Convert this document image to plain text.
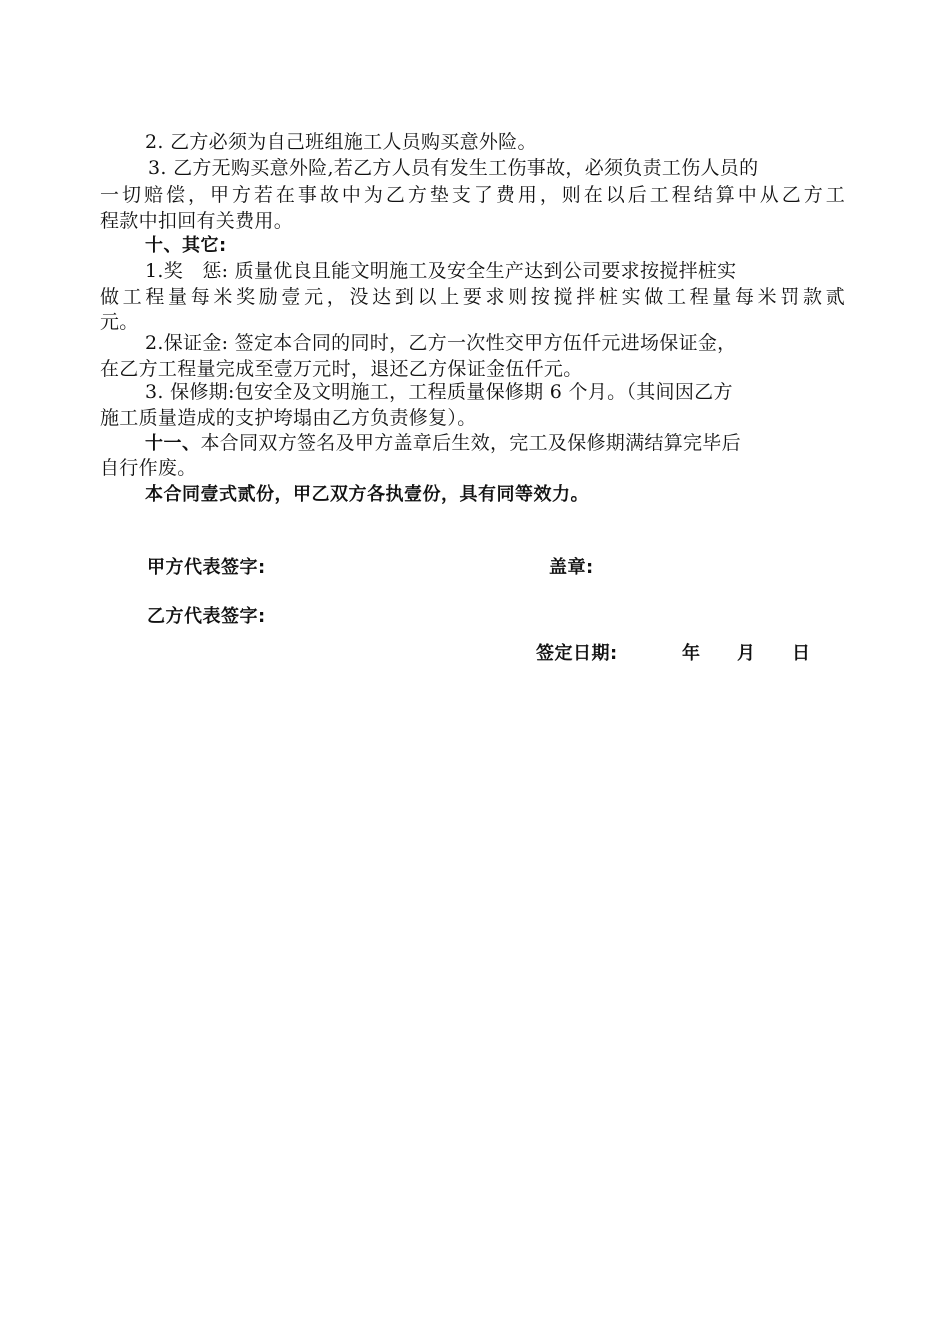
2. 乙方必须为自己班组施工人员购买意外险。
3. 乙方无购买意外险,若乙方人员有发生工伤事故，必须负责工伤人员的
一切赔偿，甲方若在事故中为乙方垫支了费用，则在以后工程结算中从乙方工
程款中扣回有关费用。
十、其它:
1.奖　惩: 质量优良且能文明施工及安全生产达到公司要求按搅拌桩实
做工程量每米奖励壹元，没达到以上要求则按搅拌桩实做工程量每米罚款贰
元。
2.保证金: 签定本合同的同时，乙方一次性交甲方伍仟元进场保证金，
在乙方工程量完成至壹万元时，退还乙方保证金伍仟元。
3. 保修期:包安全及文明施工，工程质量保修期 6 个月。（其间因乙方
施工质量造成的支护垮塌由乙方负责修复）。
十一、本合同双方签名及甲方盖章后生效，完工及保修期满结算完毕后
自行作废。
本合同壹式贰份，甲乙双方各执壹份，具有同等效力。
甲方代表签字:	盖章:
乙方代表签字:
签定日期:	年 月 日
